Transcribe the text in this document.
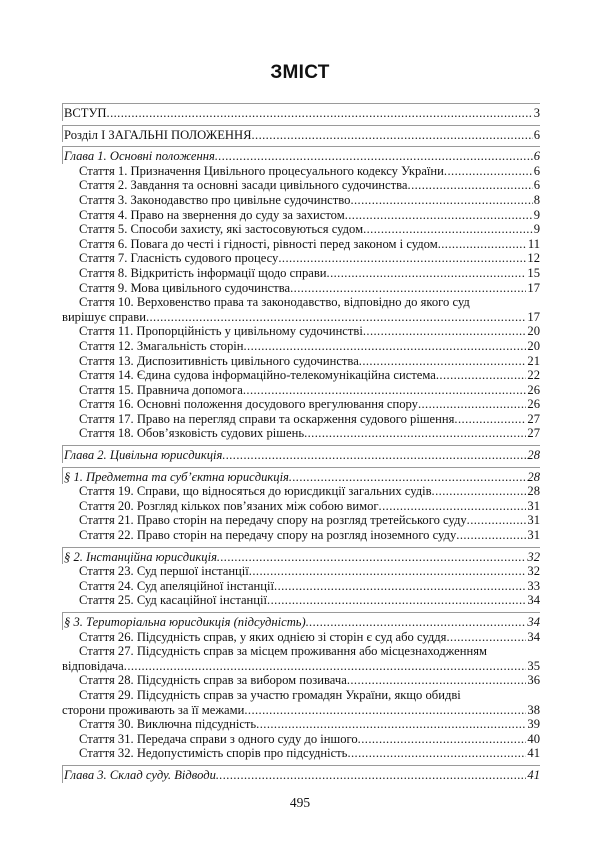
ЗМІСТ
ВСТУП .....	3
Розділ І ЗАГАЛЬНІ ПОЛОЖЕННЯ .....	6
Глава 1. Основні положення .....	6
Стаття 1. Призначення Цивільного процесуального кодексу України .....	6
Стаття 2. Завдання та основні засади цивільного судочинства .....	6
Стаття 3. Законодавство про цивільне судочинство .....	8
Стаття 4. Право на звернення до суду за захистом .....	9
Стаття 5. Способи захисту, які застосовуються судом .....	9
Стаття 6. Повага до честі і гідності, рівності перед законом і судом .....	11
Стаття 7. Гласність судового процесу .....	12
Стаття 8. Відкритість інформації щодо справи .....	15
Стаття 9. Мова цивільного судочинства .....	17
Стаття 10. Верховенство права та законодавство, відповідно до якого суд
вирішує справи .....	17
Стаття 11. Пропорційність у цивільному судочинстві .....	20
Стаття 12. Змагальність сторін .....	20
Стаття 13. Диспозитивність цивільного судочинства .....	21
Стаття 14. Єдина судова інформаційно-телекомунікаційна система .....	22
Стаття 15. Правнича допомога .....	26
Стаття 16. Основні положення досудового врегулювання спору .....	26
Стаття 17. Право на перегляд справи та оскарження судового рішення .....	27
Стаття 18. Обов’язковість судових рішень .....	27
Глава 2. Цивільна юрисдикція .....	28
§ 1. Предметна та суб’єктна юрисдикція .....	28
Стаття 19. Справи, що відносяться до юрисдикції загальних судів .....	28
Стаття 20. Розгляд кількох пов’язаних між собою вимог .....	31
Стаття 21. Право сторін на передачу спору на розгляд третейського суду .....	31
Стаття 22. Право сторін на передачу спору на розгляд іноземного суду .....	31
§ 2. Інстанційна юрисдикція .....	32
Стаття 23. Суд першої інстанції .....	32
Стаття 24. Суд апеляційної інстанції .....	33
Стаття 25. Суд касаційної інстанції .....	34
§ 3. Територіальна юрисдикція (підсудність) .....	34
Стаття 26. Підсудність справ, у яких однією зі сторін є суд або суддя .....	34
Стаття 27. Підсудність справ за місцем проживання або місцезнаходженням
відповідача .....	35
Стаття 28. Підсудність справ за вибором позивача .....	36
Стаття 29. Підсудність справ за участю громадян України, якщо обидві
сторони проживають за її межами .....	38
Стаття 30. Виключна підсудність .....	39
Стаття 31. Передача справи з одного суду до іншого .....	40
Стаття 32. Недопустимість спорів про підсудність .....	41
Глава 3. Склад суду. Відводи .....	41
495
